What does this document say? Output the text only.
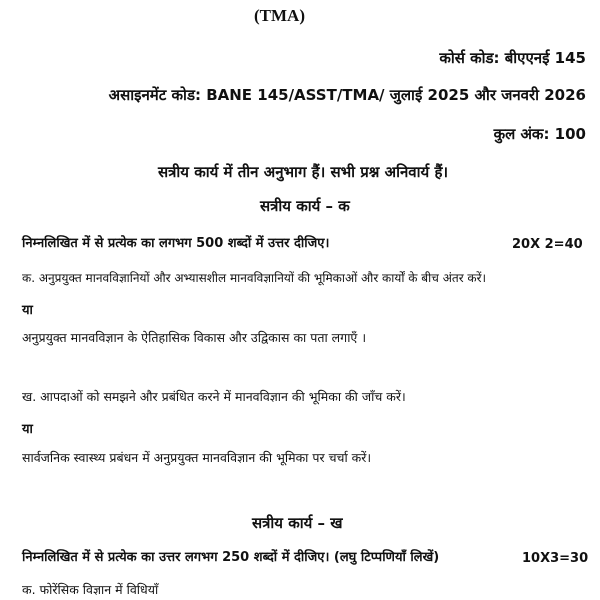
(TMA)
कोर्स कोड: बीएएनई 145
असाइनमेंट कोड: BANE 145/ASST/TMA/ जुलाई 2025 और जनवरी 2026
कुल अंक: 100
सत्रीय कार्य में तीन अनुभाग हैं। सभी प्रश्न अनिवार्य हैं।
सत्रीय कार्य – क
निम्नलिखित में से प्रत्येक का लगभग 500 शब्दों में उत्तर दीजिए।	20X 2=40
क. अनुप्रयुक्त मानवविज्ञानियों और अभ्यासशील मानवविज्ञानियों की भूमिकाओं और कार्यों के बीच अंतर करें।
या
अनुप्रयुक्त मानवविज्ञान के ऐतिहासिक विकास और उद्विकास का पता लगाएँ ।
ख. आपदाओं को समझने और प्रबंधित करने में मानवविज्ञान की भूमिका की जाँच करें।
या
सार्वजनिक स्वास्थ्य प्रबंधन में अनुप्रयुक्त मानवविज्ञान की भूमिका पर चर्चा करें।
सत्रीय कार्य – ख
निम्नलिखित में से प्रत्येक का उत्तर लगभग 250 शब्दों में दीजिए। (लघु टिप्पणियाँ लिखें)	10X3=30
क. फोरेंसिक विज्ञान में विधियाँ
